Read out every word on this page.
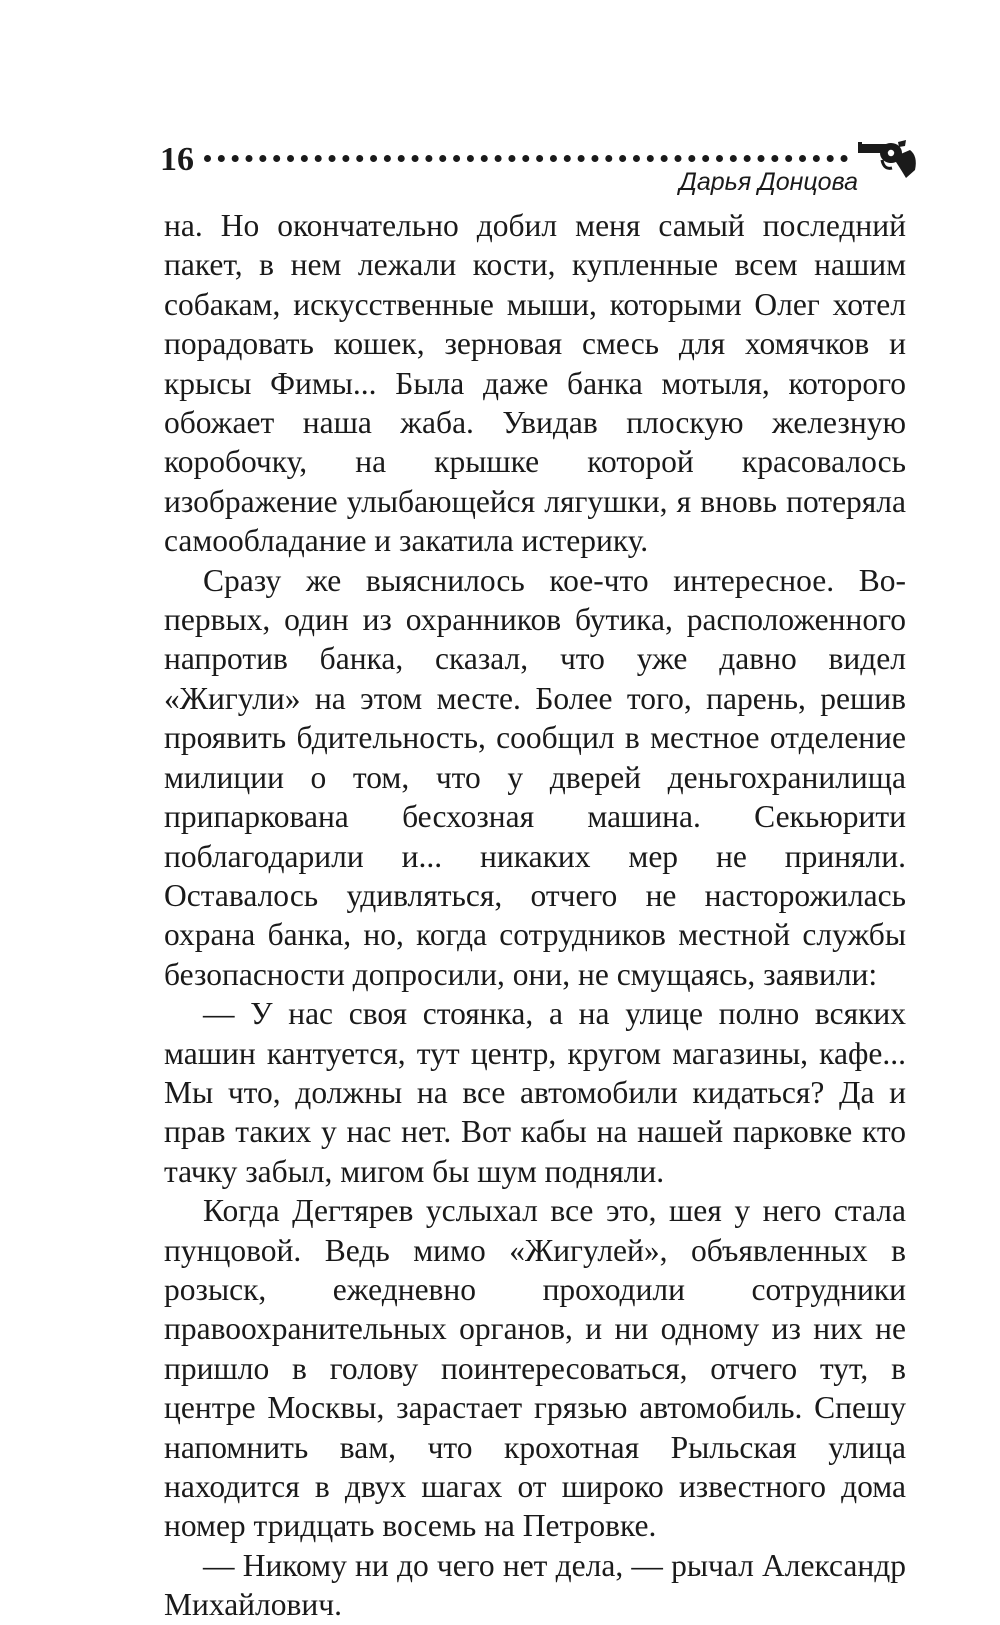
16
Дарья Донцова

на. Но окончательно добил меня самый последний пакет, в нем лежали кости, купленные всем нашим собакам, искусственные мыши, которыми Олег хотел порадовать кошек, зерновая смесь для хомячков и крысы Фимы... Была даже банка мотыля, которого обожает наша жаба. Увидав плоскую железную коробочку, на крышке которой красовалось изображение улыбающейся лягушки, я вновь потеряла самообладание и закатила истерику.

Сразу же выяснилось кое-что интересное. Во-первых, один из охранников бутика, расположенного напротив банка, сказал, что уже давно видел «Жигули» на этом месте. Более того, парень, решив проявить бдительность, сообщил в местное отделение милиции о том, что у дверей деньгохранилища припаркована бесхозная машина. Секьюрити поблагодарили и... никаких мер не приняли. Оставалось удивляться, отчего не насторожилась охрана банка, но, когда сотрудников местной службы безопасности допросили, они, не смущаясь, заявили:

— У нас своя стоянка, а на улице полно всяких машин кантуется, тут центр, кругом магазины, кафе... Мы что, должны на все автомобили кидаться? Да и прав таких у нас нет. Вот кабы на нашей парковке кто тачку забыл, мигом бы шум подняли.

Когда Дегтярев услыхал все это, шея у него стала пунцовой. Ведь мимо «Жигулей», объявленных в розыск, ежедневно проходили сотрудники правоохранительных органов, и ни одному из них не пришло в голову поинтересоваться, отчего тут, в центре Москвы, зарастает грязью автомобиль. Спешу напомнить вам, что крохотная Рыльская улица находится в двух шагах от широко известного дома номер тридцать восемь на Петровке.

— Никому ни до чего нет дела, — рычал Александр Михайлович.
